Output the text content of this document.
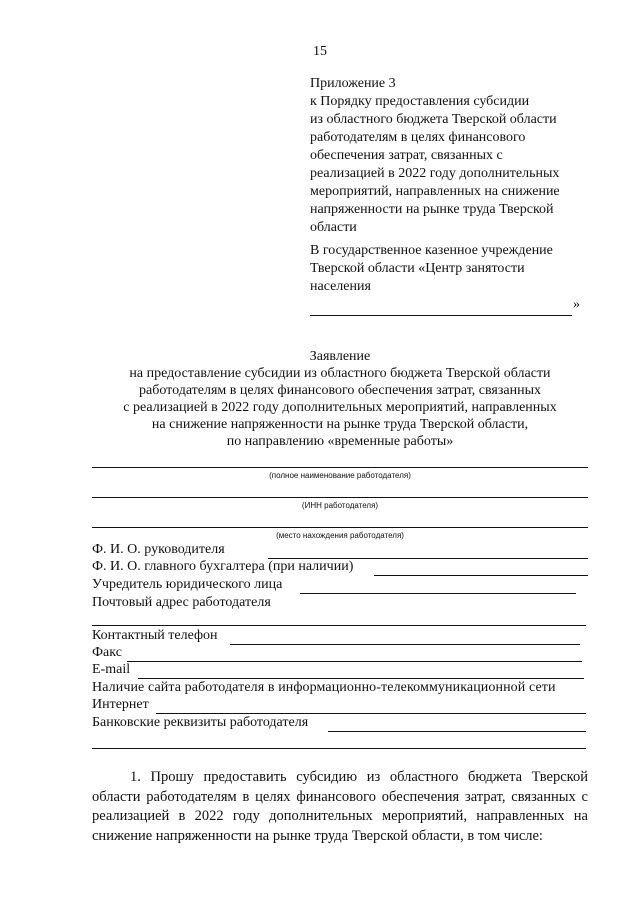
15
Приложение 3
к Порядку предоставления субсидии
из областного бюджета Тверской области
работодателям в целях финансового
обеспечения затрат, связанных с
реализацией в 2022 году дополнительных
мероприятий, направленных на снижение
напряженности на рынке труда Тверской
области
В государственное казенное учреждение
Тверской области «Центр занятости
населения
»
Заявление
на предоставление субсидии из областного бюджета Тверской области
работодателям в целях финансового обеспечения затрат, связанных
с реализацией в 2022 году дополнительных мероприятий, направленных
на снижение напряженности на рынке труда Тверской области,
по направлению «временные работы»
(полное наименование работодателя)
(ИНН работодателя)
(место нахождения работодателя)
Ф. И. О. руководителя
Ф. И. О. главного бухгалтера (при наличии)
Учредитель юридического лица
Почтовый адрес работодателя
Контактный телефон
Факс
E-mail
Наличие сайта работодателя в информационно-телекоммуникационной сети
Интернет
Банковские реквизиты работодателя
1. Прошу предоставить субсидию из областного бюджета Тверской области работодателям в целях финансового обеспечения затрат, связанных с реализацией в 2022 году дополнительных мероприятий, направленных на снижение напряженности на рынке труда Тверской области, в том числе:
